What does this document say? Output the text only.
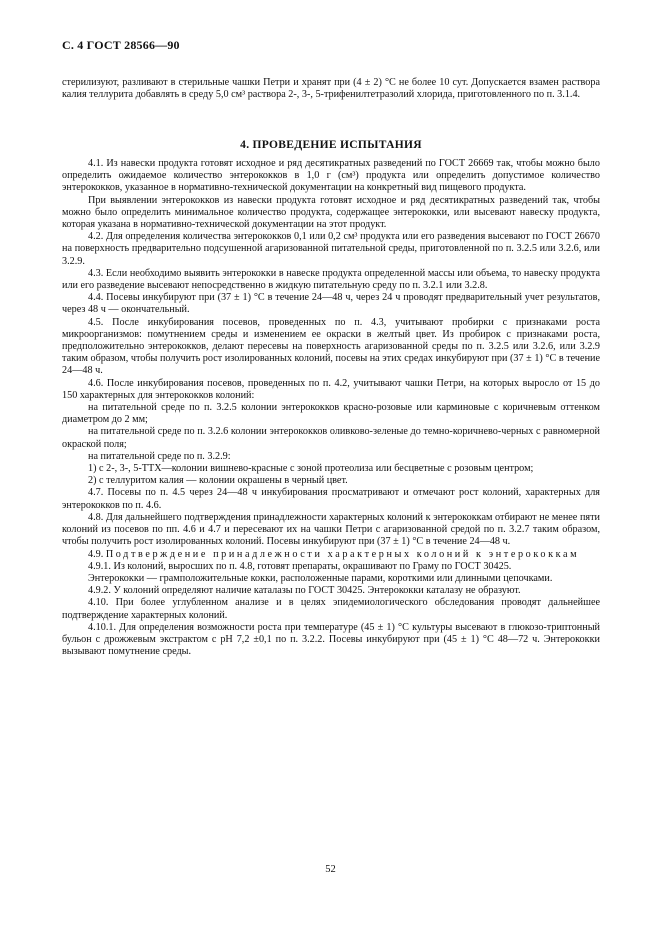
С. 4 ГОСТ 28566—90

стерилизуют, разливают в стерильные чашки Петри и хранят при (4 ± 2) °С не более 10 сут. Допускается взамен раствора калия теллурита добавлять в среду 5,0 см³ раствора 2-, 3-, 5-трифенилтетразолий хлорида, приготовленного по п. 3.1.4.

4. ПРОВЕДЕНИЕ ИСПЫТАНИЯ

4.1. Из навески продукта готовят исходное и ряд десятикратных разведений по ГОСТ 26669 так, чтобы можно было определить ожидаемое количество энтерококков в 1,0 г (см³) продукта или определить допустимое количество энтерококков, указанное в нормативно-технической документации на конкретный вид пищевого продукта.

При выявлении энтерококков из навески продукта готовят исходное и ряд десятикратных разведений так, чтобы можно было определить минимальное количество продукта, содержащее энтерококки, или высевают навеску продукта, которая указана в нормативно-технической документации на этот продукт.

4.2. Для определения количества энтерококков 0,1 или 0,2 см³ продукта или его разведения высевают по ГОСТ 26670 на поверхность предварительно подсушенной агаризованной питательной среды, приготовленной по п. 3.2.5 или 3.2.6, или 3.2.9.

4.3. Если необходимо выявить энтерококки в навеске продукта определенной массы или объема, то навеску продукта или его разведение высевают непосредственно в жидкую питательную среду по п. 3.2.1 или 3.2.8.

4.4. Посевы инкубируют при (37 ± 1) °С в течение 24—48 ч, через 24 ч проводят предварительный учет результатов, через 48 ч — окончательный.

4.5. После инкубирования посевов, проведенных по п. 4.3, учитывают пробирки с признаками роста микроорганизмов: помутнением среды и изменением ее окраски в желтый цвет. Из пробирок с признаками роста, предположительно энтерококков, делают пересевы на поверхность агаризованной среды по п. 3.2.5 или 3.2.6, или 3.2.9 таким образом, чтобы получить рост изолированных колоний, посевы на этих средах инкубируют при (37 ± 1) °С в течение 24—48 ч.

4.6. После инкубирования посевов, проведенных по п. 4.2, учитывают чашки Петри, на которых выросло от 15 до 150 характерных для энтерококков колоний:

на питательной среде по п. 3.2.5 колонии энтерококков красно-розовые или карминовые с коричневым оттенком диаметром до 2 мм;

на питательной среде по п. 3.2.6 колонии энтерококков оливково-зеленые до темно-коричнево-черных с равномерной окраской поля;

на питательной среде по п. 3.2.9:

1) с 2-, 3-, 5-ТТХ—колонии вишнево-красные с зоной протеолиза или бесцветные с розовым центром;

2) с теллуритом калия — колонии окрашены в черный цвет.

4.7. Посевы по п. 4.5 через 24—48 ч инкубирования просматривают и отмечают рост колоний, характерных для энтерококков по п. 4.6.

4.8. Для дальнейшего подтверждения принадлежности характерных колоний к энтерококкам отбирают не менее пяти колоний из посевов по пп. 4.6 и 4.7 и пересевают их на чашки Петри с агаризованной средой по п. 3.2.7 таким образом, чтобы получить рост изолированных колоний. Посевы инкубируют при (37 ± 1) °С в течение 24—48 ч.

4.9. Подтверждение принадлежности характерных колоний к энтерококкам

4.9.1. Из колоний, выросших по п. 4.8, готовят препараты, окрашивают по Граму по ГОСТ 30425.

Энтерококки — грамположительные кокки, расположенные парами, короткими или длинными цепочками.

4.9.2. У колоний определяют наличие каталазы по ГОСТ 30425. Энтерококки каталазу не образуют.

4.10. При более углубленном анализе и в целях эпидемиологического обследования проводят дальнейшее подтверждение характерных колоний.

4.10.1. Для определения возможности роста при температуре (45 ± 1) °С культуры высевают в глюкозо-триптонный бульон с дрожжевым экстрактом с рН 7,2 ±0,1 по п. 3.2.2. Посевы инкубируют при (45 ± 1) °С 48—72 ч. Энтерококки вызывают помутнение среды.

52
